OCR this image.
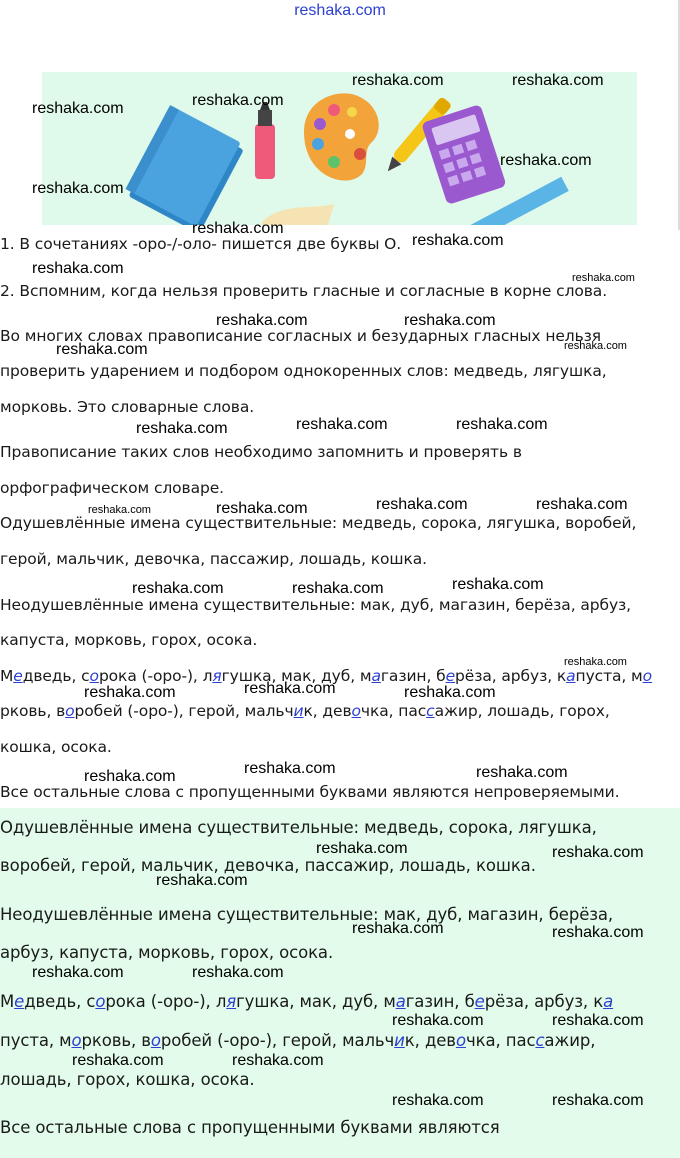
reshaka.com

1. В сочетаниях -оро-/-оло- пишется две буквы О.

2. Вспомним, когда нельзя проверить гласные и согласные в корне слова.

Во многих словах правописание согласных и безударных гласных нельзя

проверить ударением и подбором однокоренных слов: медведь, лягушка,

морковь. Это словарные слова.

Правописание таких слов необходимо запомнить и проверять в

орфографическом словаре.

Одушевлённые имена существительные: медведь, сорока, лягушка, воробей,

герой, мальчик, девочка, пассажир, лошадь, кошка.

Неодушевлённые имена существительные: мак, дуб, магазин, берёза, арбуз,

капуста, морковь, горох, осока.

Медведь, сорока (-оро-), лягушка, мак, дуб, магазин, берёза, арбуз, капуста, мо

рковь, воробей (-оро-), герой, мальчик, девочка, пассажир, лошадь, горох,

кошка, осока.

Все остальные слова с пропущенными буквами являются непроверяемыми.

Одушевлённые имена существительные: медведь, сорока, лягушка,

воробей, герой, мальчик, девочка, пассажир, лошадь, кошка.

Неодушевлённые имена существительные: мак, дуб, магазин, берёза,

арбуз, капуста, морковь, горох, осока.

Медведь, сорока (-оро-), лягушка, мак, дуб, магазин, берёза, арбуз, ка

пуста, морковь, воробей (-оро-), герой, мальчик, девочка, пассажир,

лошадь, горох, кошка, осока.

Все остальные слова с пропущенными буквами являются

reshaka.com	reshaka.com
reshaka.com	reshaka.com
reshaka.com
reshaka.com
reshaka.com
reshaka.com
reshaka.com
reshaka.com
reshaka.com	reshaka.com
reshaka.com	reshaka.com
reshaka.com	reshaka.com	reshaka.com
reshaka.com	reshaka.com	reshaka.com
reshaka.com
reshaka.com	reshaka.com	reshaka.com
reshaka.com
reshaka.com	reshaka.com	reshaka.com
reshaka.com	reshaka.com	reshaka.com
reshaka.com	reshaka.com
reshaka.com
reshaka.com	reshaka.com
reshaka.com	reshaka.com
reshaka.com	reshaka.com
reshaka.com	reshaka.com
reshaka.com	reshaka.com
